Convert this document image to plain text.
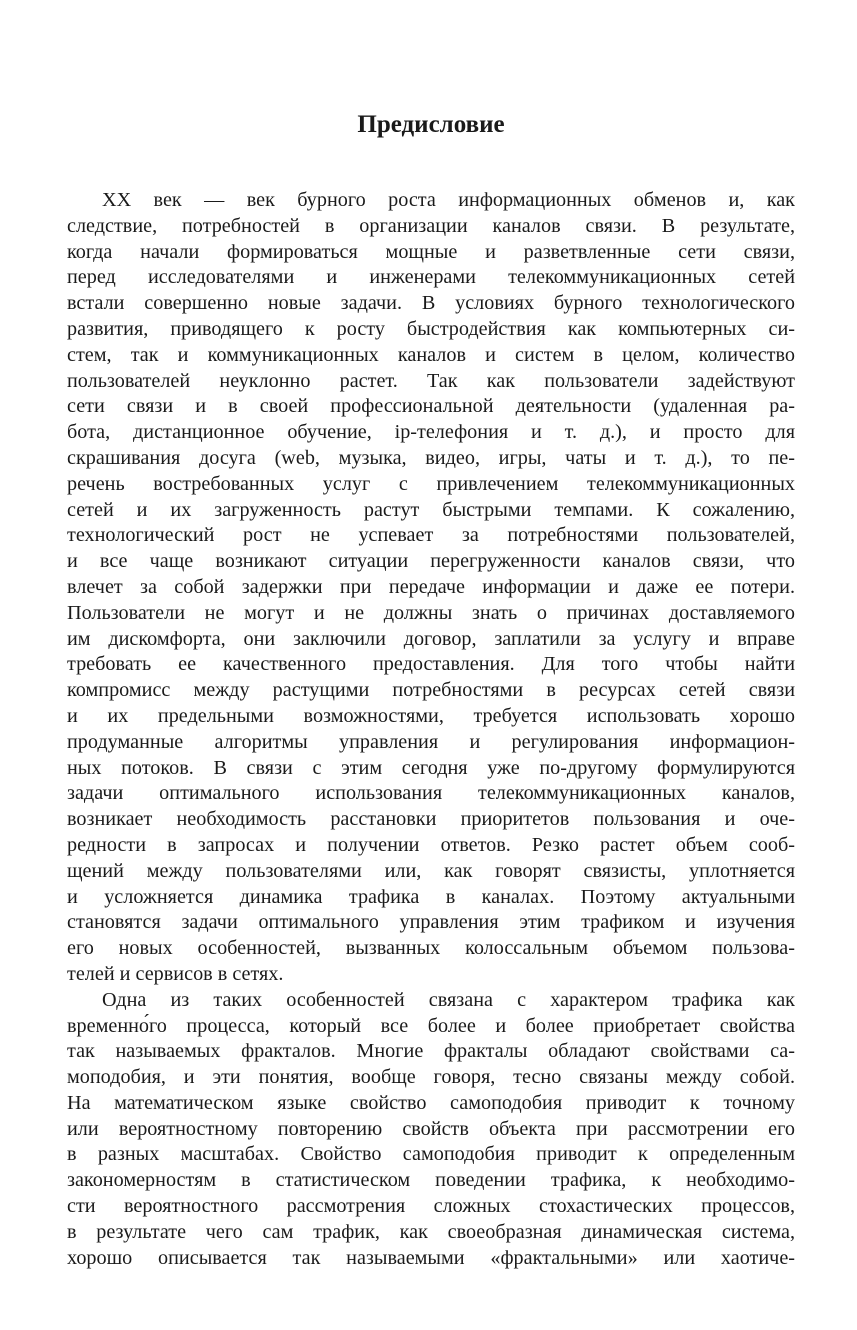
Предисловие

XX век — век бурного роста информационных обменов и, как
следствие, потребностей в организации каналов связи. В результате,
когда начали формироваться мощные и разветвленные сети связи,
перед исследователями и инженерами телекоммуникационных сетей
встали совершенно новые задачи. В условиях бурного технологического
развития, приводящего к росту быстродействия как компьютерных си-
стем, так и коммуникационных каналов и систем в целом, количество
пользователей неуклонно растет. Так как пользователи задействуют
сети связи и в своей профессиональной деятельности (удаленная ра-
бота, дистанционное обучение, ip-телефония и т. д.), и просто для
скрашивания досуга (web, музыка, видео, игры, чаты и т. д.), то пе-
речень востребованных услуг с привлечением телекоммуникационных
сетей и их загруженность растут быстрыми темпами. К сожалению,
технологический рост не успевает за потребностями пользователей,
и все чаще возникают ситуации перегруженности каналов связи, что
влечет за собой задержки при передаче информации и даже ее потери.
Пользователи не могут и не должны знать о причинах доставляемого
им дискомфорта, они заключили договор, заплатили за услугу и вправе
требовать ее качественного предоставления. Для того чтобы найти
компромисс между растущими потребностями в ресурсах сетей связи
и их предельными возможностями, требуется использовать хорошо
продуманные алгоритмы управления и регулирования информацион-
ных потоков. В связи с этим сегодня уже по-другому формулируются
задачи оптимального использования телекоммуникационных каналов,
возникает необходимость расстановки приоритетов пользования и оче-
редности в запросах и получении ответов. Резко растет объем сооб-
щений между пользователями или, как говорят связисты, уплотняется
и усложняется динамика трафика в каналах. Поэтому актуальными
становятся задачи оптимального управления этим трафиком и изучения
его новых особенностей, вызванных колоссальным объемом пользова-
телей и сервисов в сетях.

Одна из таких особенностей связана с характером трафика как
временно́го процесса, который все более и более приобретает свойства
так называемых фракталов. Многие фракталы обладают свойствами са-
моподобия, и эти понятия, вообще говоря, тесно связаны между собой.
На математическом языке свойство самоподобия приводит к точному
или вероятностному повторению свойств объекта при рассмотрении его
в разных масштабах. Свойство самоподобия приводит к определенным
закономерностям в статистическом поведении трафика, к необходимо-
сти вероятностного рассмотрения сложных стохастических процессов,
в результате чего сам трафик, как своеобразная динамическая система,
хорошо описывается так называемыми «фрактальными» или хаотиче-
